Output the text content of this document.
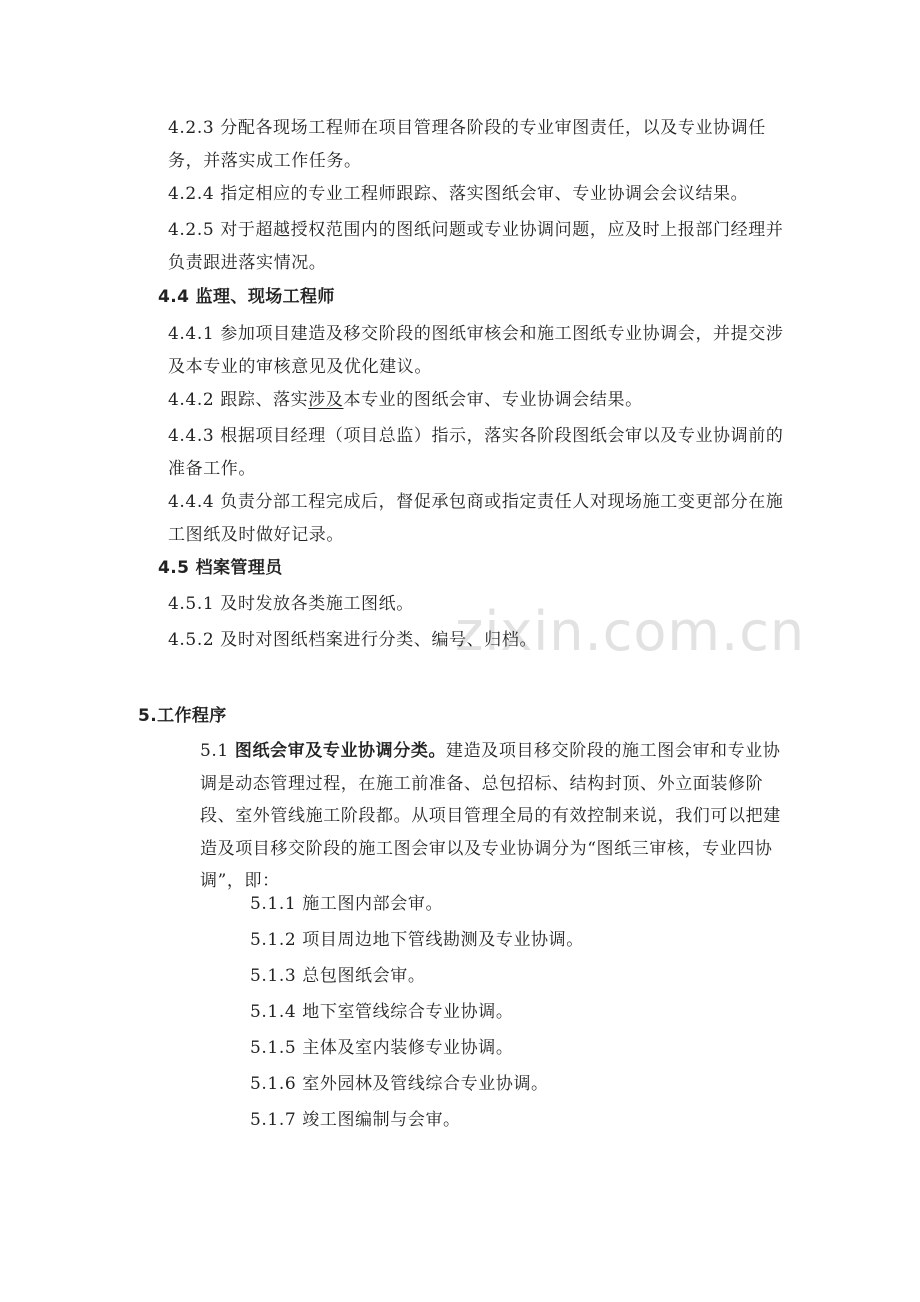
zixin.com.cn
4.2.3 分配各现场工程师在项目管理各阶段的专业审图责任，以及专业协调任务，并落实成工作任务。
4.2.4 指定相应的专业工程师跟踪、落实图纸会审、专业协调会会议结果。
4.2.5 对于超越授权范围内的图纸问题或专业协调问题，应及时上报部门经理并负责跟进落实情况。
4.4 监理、现场工程师
4.4.1 参加项目建造及移交阶段的图纸审核会和施工图纸专业协调会，并提交涉及本专业的审核意见及优化建议。
4.4.2 跟踪、落实涉及本专业的图纸会审、专业协调会结果。
4.4.3 根据项目经理（项目总监）指示，落实各阶段图纸会审以及专业协调前的准备工作。
4.4.4 负责分部工程完成后，督促承包商或指定责任人对现场施工变更部分在施工图纸及时做好记录。
4.5 档案管理员
4.5.1 及时发放各类施工图纸。
4.5.2 及时对图纸档案进行分类、编号、归档。
5.工作程序
5.1 图纸会审及专业协调分类。建造及项目移交阶段的施工图会审和专业协调是动态管理过程，在施工前准备、总包招标、结构封顶、外立面装修阶段、室外管线施工阶段都。从项目管理全局的有效控制来说，我们可以把建造及项目移交阶段的施工图会审以及专业协调分为“图纸三审核，专业四协调”，即：
5.1.1 施工图内部会审。
5.1.2 项目周边地下管线勘测及专业协调。
5.1.3 总包图纸会审。
5.1.4 地下室管线综合专业协调。
5.1.5 主体及室内装修专业协调。
5.1.6 室外园林及管线综合专业协调。
5.1.7 竣工图编制与会审。
